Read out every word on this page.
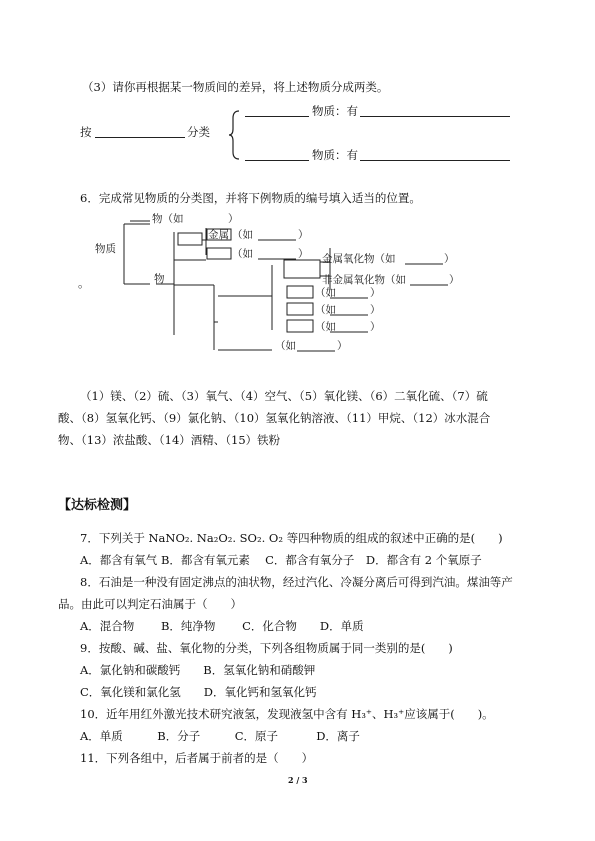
（3）请你再根据某一物质间的差异，将上述物质分成两类。
按	分类
物质：有
物质：有
6．完成常见物质的分类图，并将下例物质的编号填入适当的位置。
。
物质
物（如	）
物
金属 （如	）
（如	） 金属氧化物（如	）
非金属氧化物（如	）
（如	）
（如	）
（如	）
（如	）
（1）镁、（2）硫、（3）氧气、（4）空气、（5）氧化镁、（6）二氧化硫、（7）硫
酸、（8）氢氧化钙、（9）氯化钠、（10）氢氧化钠溶液、（11）甲烷、（12）冰水混合
物、（13）浓盐酸、（14）酒精、（15）铁粉
【达标检测】
7．下列关于 NaNO₂. Na₂O₂. SO₂. O₂ 等四种物质的组成的叙述中正确的是(　　)
A．都含有氧气 B．都含有氧元素　 C．都含有氧分子　D．都含有 2 个氧原子
8．石油是一种没有固定沸点的油状物，经过汽化、冷凝分离后可得到汽油。煤油等产
品。由此可以判定石油属于（　　）
A．混合物　　 B．纯净物　　 C．化合物　　D．单质
9．按酸、碱、盐、氧化物的分类，下列各组物质属于同一类别的是(　　)
A．氯化钠和碳酸钙　　B．氢氧化钠和硝酸钾
C．氧化镁和氯化氢　　D．氧化钙和氢氧化钙
10．近年用红外激光技术研究液氢，发现液氢中含有 H₃⁺、H₃⁺应该属于(　　)。
A．单质　　　B．分子　　　C．原子　　　 D．离子
11．下列各组中，后者属于前者的是（　　）
2 / 3
